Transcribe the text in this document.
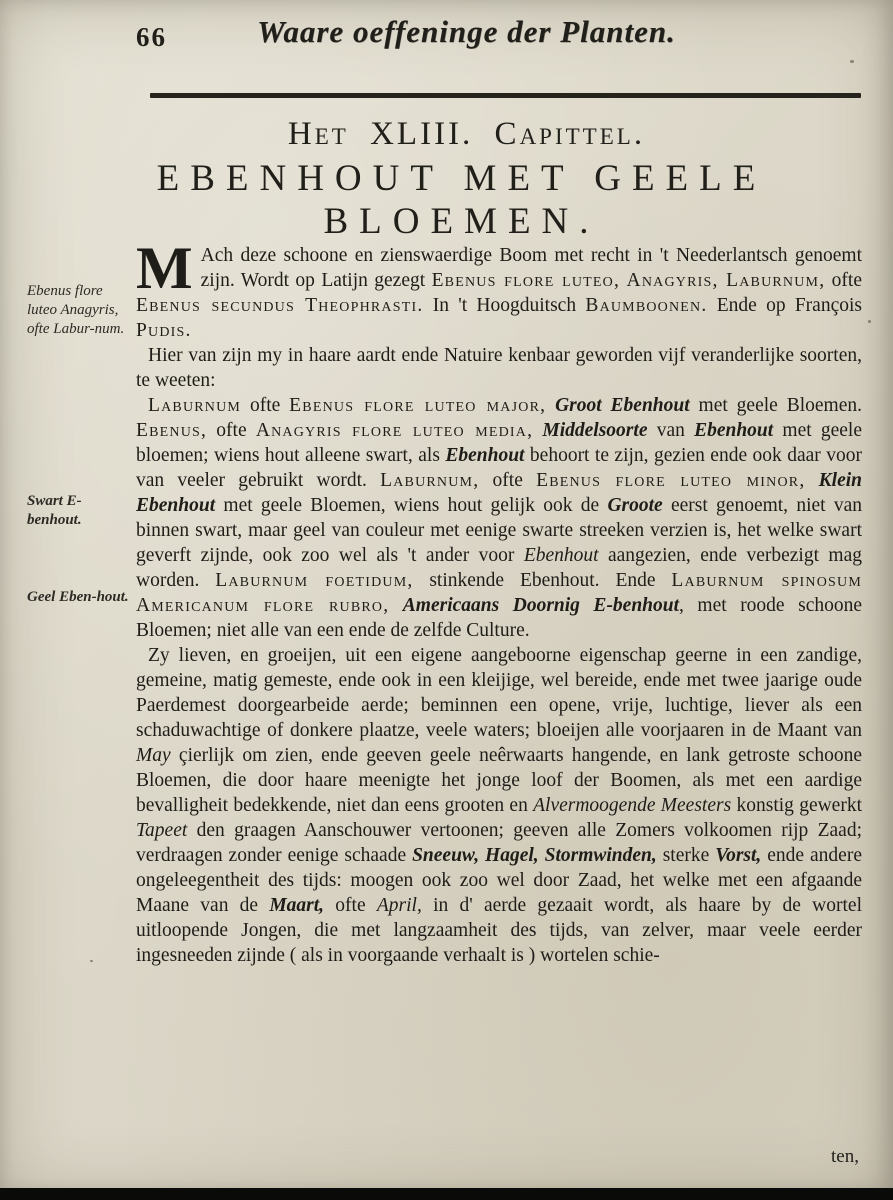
66	Waare oeffeninge der Planten.
Het XLIII. Capittel.
EBENHOUT MET GEELE
BLOEMEN.
Ebenus flore luteo Anagyris, ofte Labur-num.
Swart E-benhout.
Geel Eben-hout.

M Ach deze schoone en zienswaerdige Boom met recht in 't Neederlantsch genoemt zijn. Wordt op Latijn gezegt Ebenus flore luteo, Anagyris, Laburnum, ofte Ebenus secundus Theophrasti. In 't Hoogduitsch Baumboonen. Ende op François Pudis.

Hier van zijn my in haare aardt ende Natuire kenbaar geworden vijf veranderlijke soorten, te weeten:

Laburnum ofte Ebenus flore luteo major, Groot Ebenhout met geele Bloemen. Ebenus, ofte Anagyris flore luteo media, Middelsoorte van Ebenhout met geele bloemen; wiens hout alleene swart, als Ebenhout behoort te zijn, gezien ende ook daar voor van veeler gebruikt wordt. Laburnum, ofte Ebenus flore luteo minor, Klein Ebenhout met geele Bloemen, wiens hout gelijk ook de Groote eerst genoemt, niet van binnen swart, maar geel van couleur met eenige swarte streeken verzien is, het welke swart geverft zijnde, ook zoo wel als 't ander voor Ebenhout aangezien, ende verbezigt mag worden. Laburnum foetidum, stinkende Ebenhout. Ende Laburnum spinosum Americanum flore rubro, Americaans Doornig E-benhout, met roode schoone Bloemen; niet alle van een ende de zelfde Culture.

Zy lieven, en groeijen, uit een eigene aangeboorne eigenschap geerne in een zandige, gemeine, matig gemeste, ende ook in een kleijige, wel bereide, ende met twee jaarige oude Paerdemest doorgearbeide aerde; beminnen een opene, vrije, luchtige, liever als een schaduwachtige of donkere plaatze, veele waters; bloeijen alle voorjaaren in de Maant van May çierlijk om zien, ende geeven geele neêrwaarts hangende, en lank getroste schoone Bloemen, die door haare meenigte het jonge loof der Boomen, als met een aardige bevalligheit bedekkende, niet dan eens grooten en Alvermoogende Meesters konstig gewerkt Tapeet den graagen Aanschouwer vertoonen; geeven alle Zomers volkoomen rijp Zaad; verdraagen zonder eenige schaade Sneeuw, Hagel, Stormwinden, sterke Vorst, ende andere ongeleegentheit des tijds: moogen ook zoo wel door Zaad, het welke met een afgaande Maane van de Maart, ofte April, in d' aerde gezaait wordt, als haare by de wortel uitloopende Jongen, die met langzaamheit des tijds, van zelver, maar veele eerder ingesneeden zijnde ( als in voorgaande verhaalt is ) wortelen schie-

ten,
